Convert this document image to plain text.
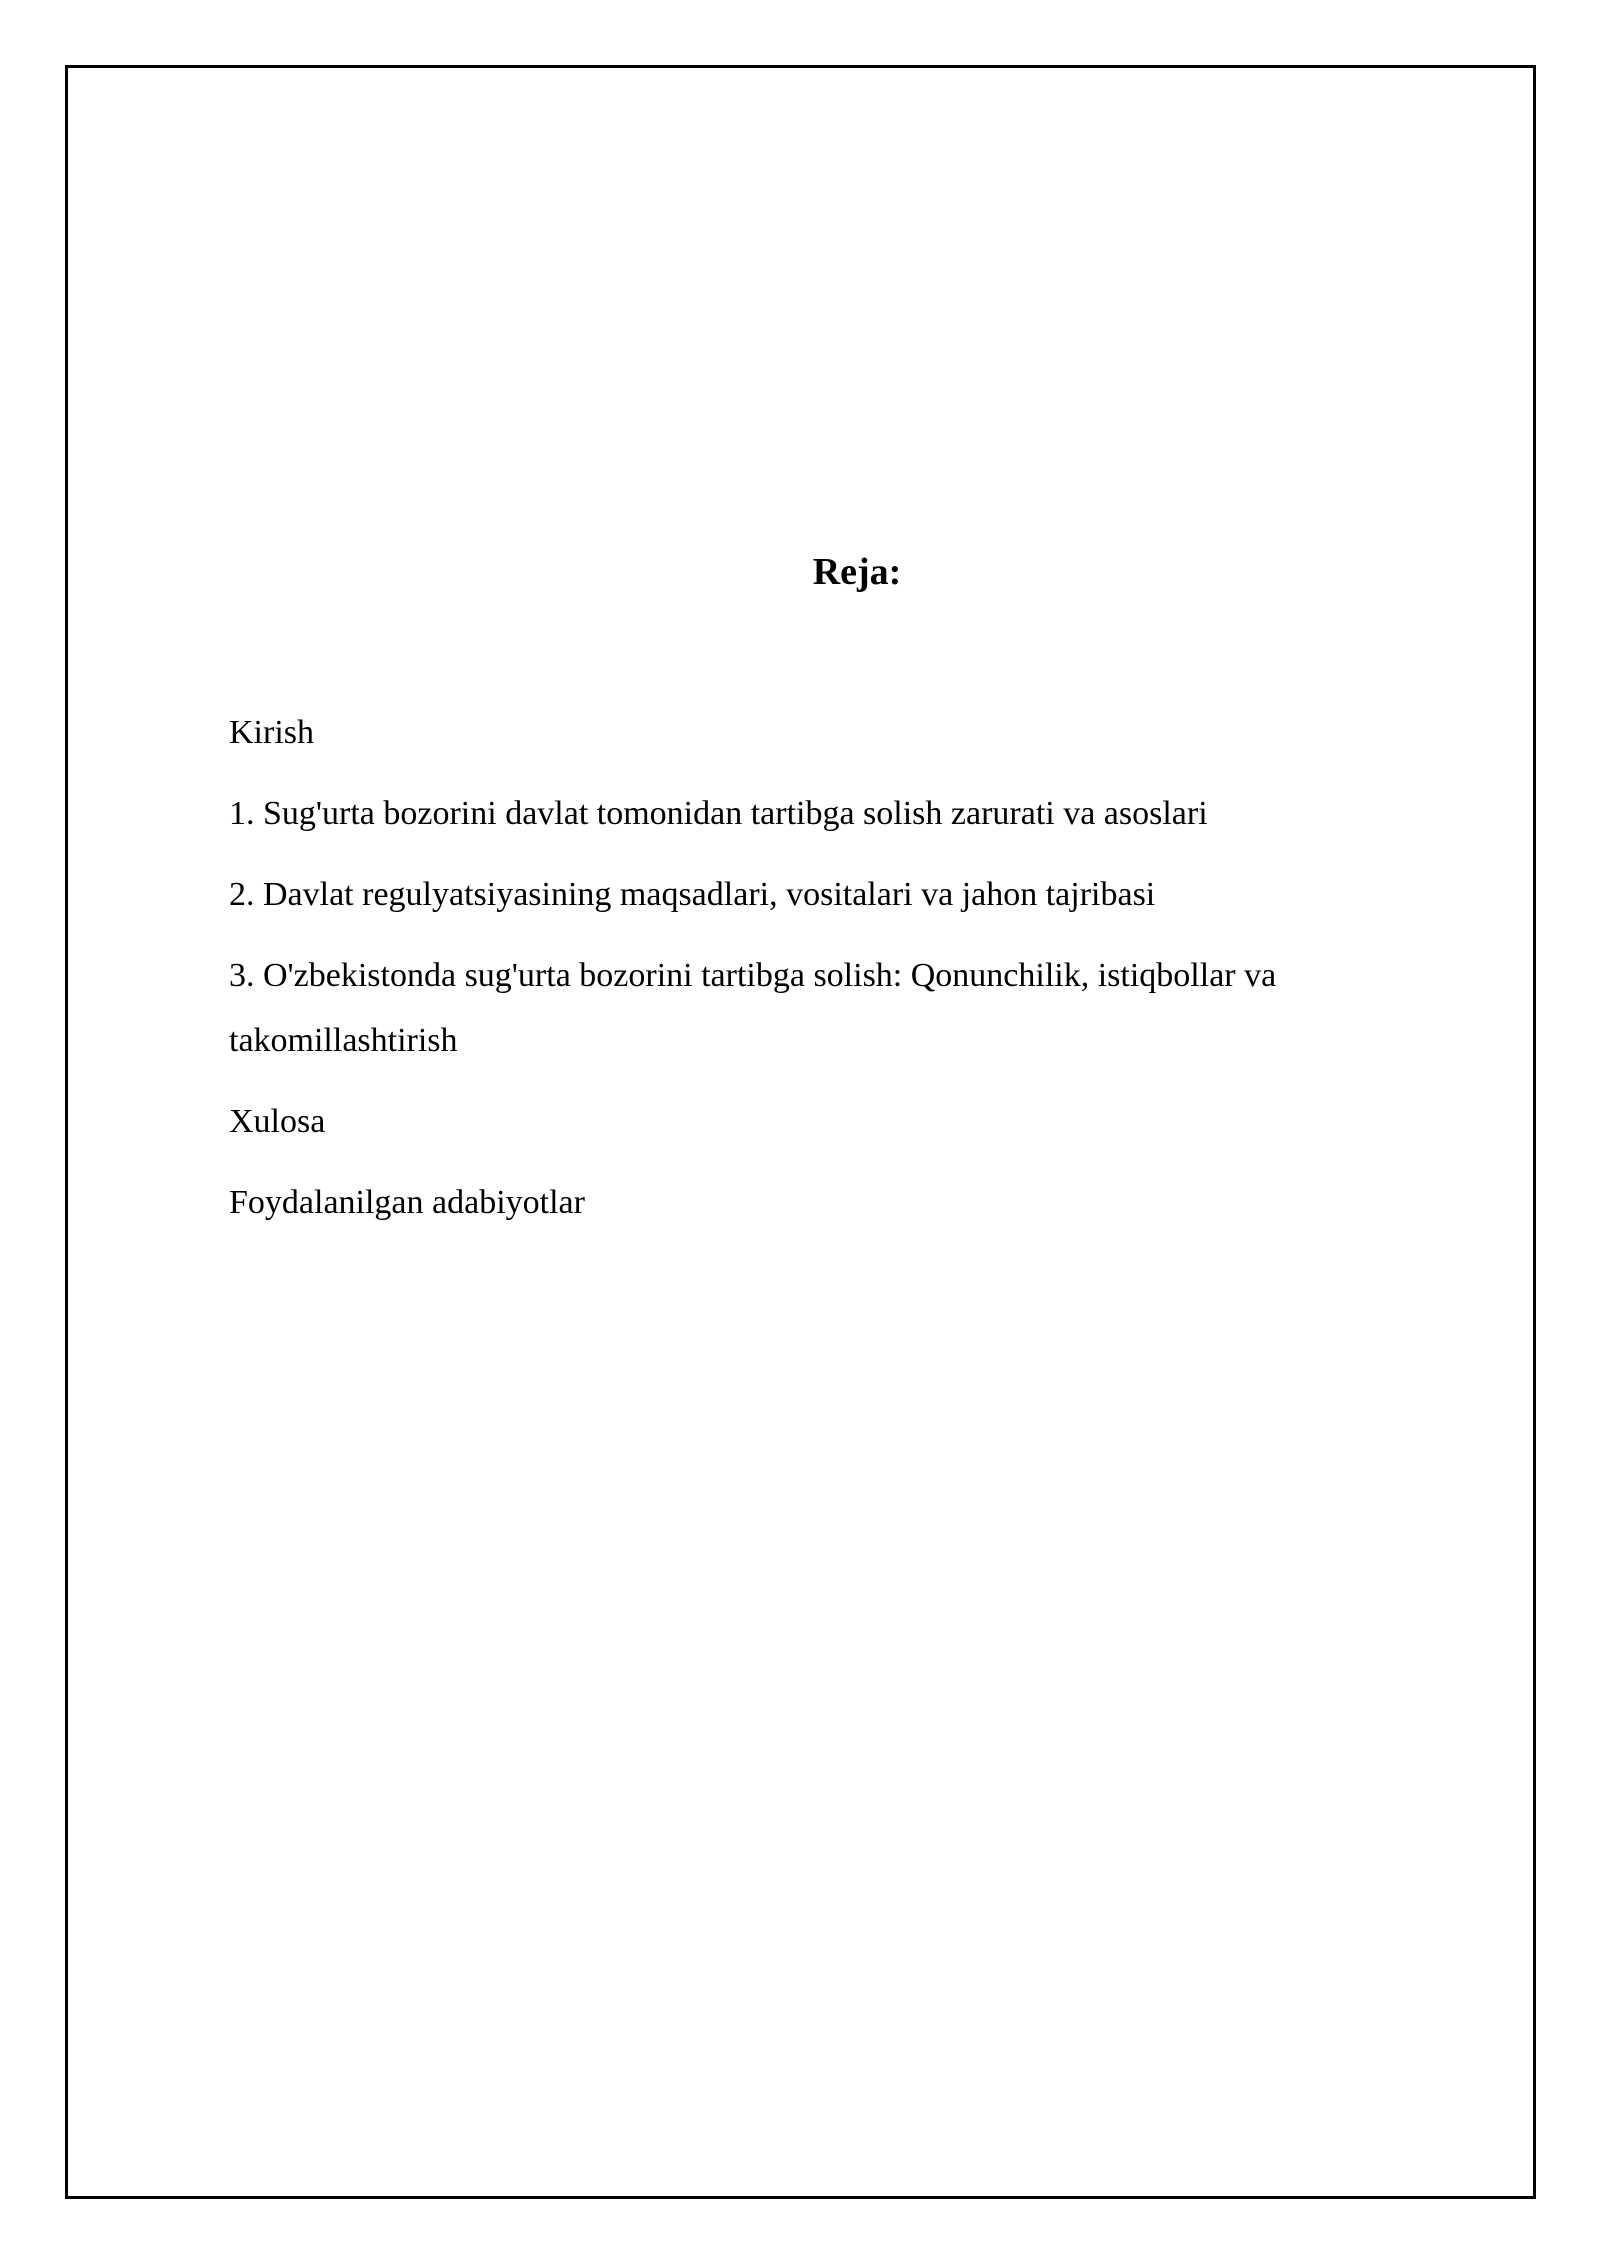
Reja:
Kirish
1. Sug'urta bozorini davlat tomonidan tartibga solish zarurati va asoslari
2. Davlat regulyatsiyasining maqsadlari, vositalari va jahon tajribasi
3. O'zbekistonda sug'urta bozorini tartibga solish: Qonunchilik, istiqbollar va
takomillashtirish
Xulosa
Foydalanilgan adabiyotlar
